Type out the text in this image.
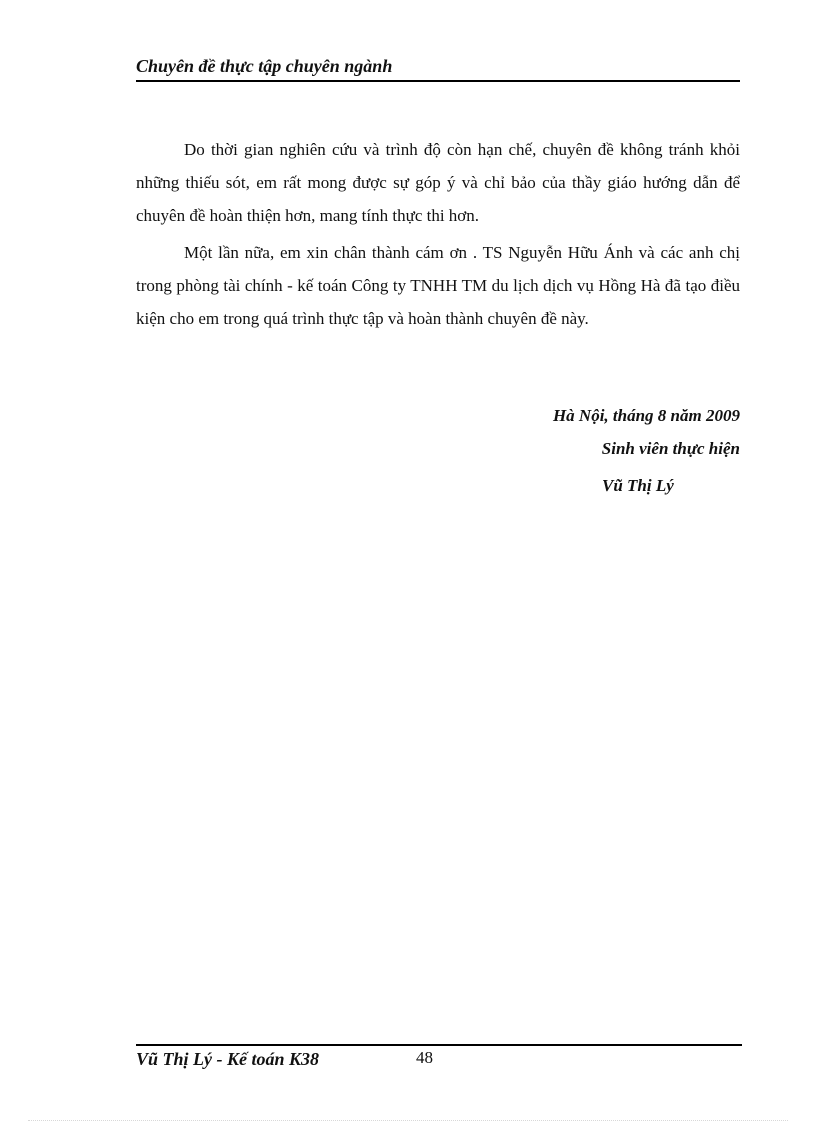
Chuyên đề thực tập chuyên ngành

Do thời gian nghiên cứu và trình độ còn hạn chế, chuyên đề không tránh khỏi những thiếu sót, em rất mong được sự góp ý và chỉ bảo của thầy giáo hướng dẫn để chuyên đề hoàn thiện hơn, mang tính thực thi hơn.

Một lần nữa, em xin chân thành cám ơn . TS Nguyễn Hữu Ánh và các anh chị trong phòng tài chính - kế toán Công ty TNHH TM du lịch dịch vụ Hồng Hà đã tạo điều kiện cho em trong quá trình thực tập và hoàn thành chuyên đề này.

Hà Nội, tháng 8 năm 2009
Sinh viên thực hiện
Vũ Thị Lý
Vũ Thị Lý - Kế toán K38	48
